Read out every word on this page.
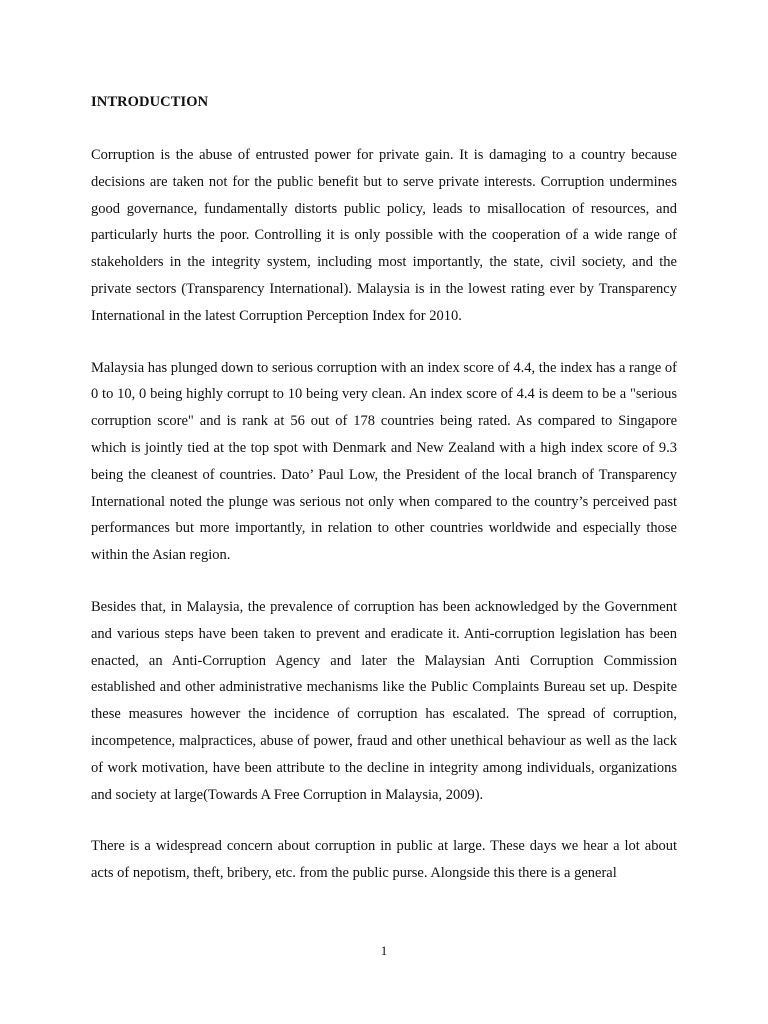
INTRODUCTION

Corruption is the abuse of entrusted power for private gain. It is damaging to a country because decisions are taken not for the public benefit but to serve private interests. Corruption undermines good governance, fundamentally distorts public policy, leads to misallocation of resources, and particularly hurts the poor. Controlling it is only possible with the cooperation of a wide range of stakeholders in the integrity system, including most importantly, the state, civil society, and the private sectors (Transparency International). Malaysia is in the lowest rating ever by Transparency International in the latest Corruption Perception Index for 2010.

Malaysia has plunged down to serious corruption with an index score of 4.4, the index has a range of 0 to 10, 0 being highly corrupt to 10 being very clean. An index score of 4.4 is deem to be a "serious corruption score" and is rank at 56 out of 178 countries being rated. As compared to Singapore which is jointly tied at the top spot with Denmark and New Zealand with a high index score of 9.3 being the cleanest of countries. Dato’ Paul Low, the President of the local branch of Transparency International noted the plunge was serious not only when compared to the country’s perceived past performances but more importantly, in relation to other countries worldwide and especially those within the Asian region.

Besides that, in Malaysia, the prevalence of corruption has been acknowledged by the Government and various steps have been taken to prevent and eradicate it. Anti-corruption legislation has been enacted, an Anti-Corruption Agency and later the Malaysian Anti Corruption Commission established and other administrative mechanisms like the Public Complaints Bureau set up. Despite these measures however the incidence of corruption has escalated. The spread of corruption, incompetence, malpractices, abuse of power, fraud and other unethical behaviour as well as the lack of work motivation, have been attribute to the decline in integrity among individuals, organizations and society at large(Towards A Free Corruption in Malaysia, 2009).

There is a widespread concern about corruption in public at large. These days we hear a lot about acts of nepotism, theft, bribery, etc. from the public purse. Alongside this there is a general

1
